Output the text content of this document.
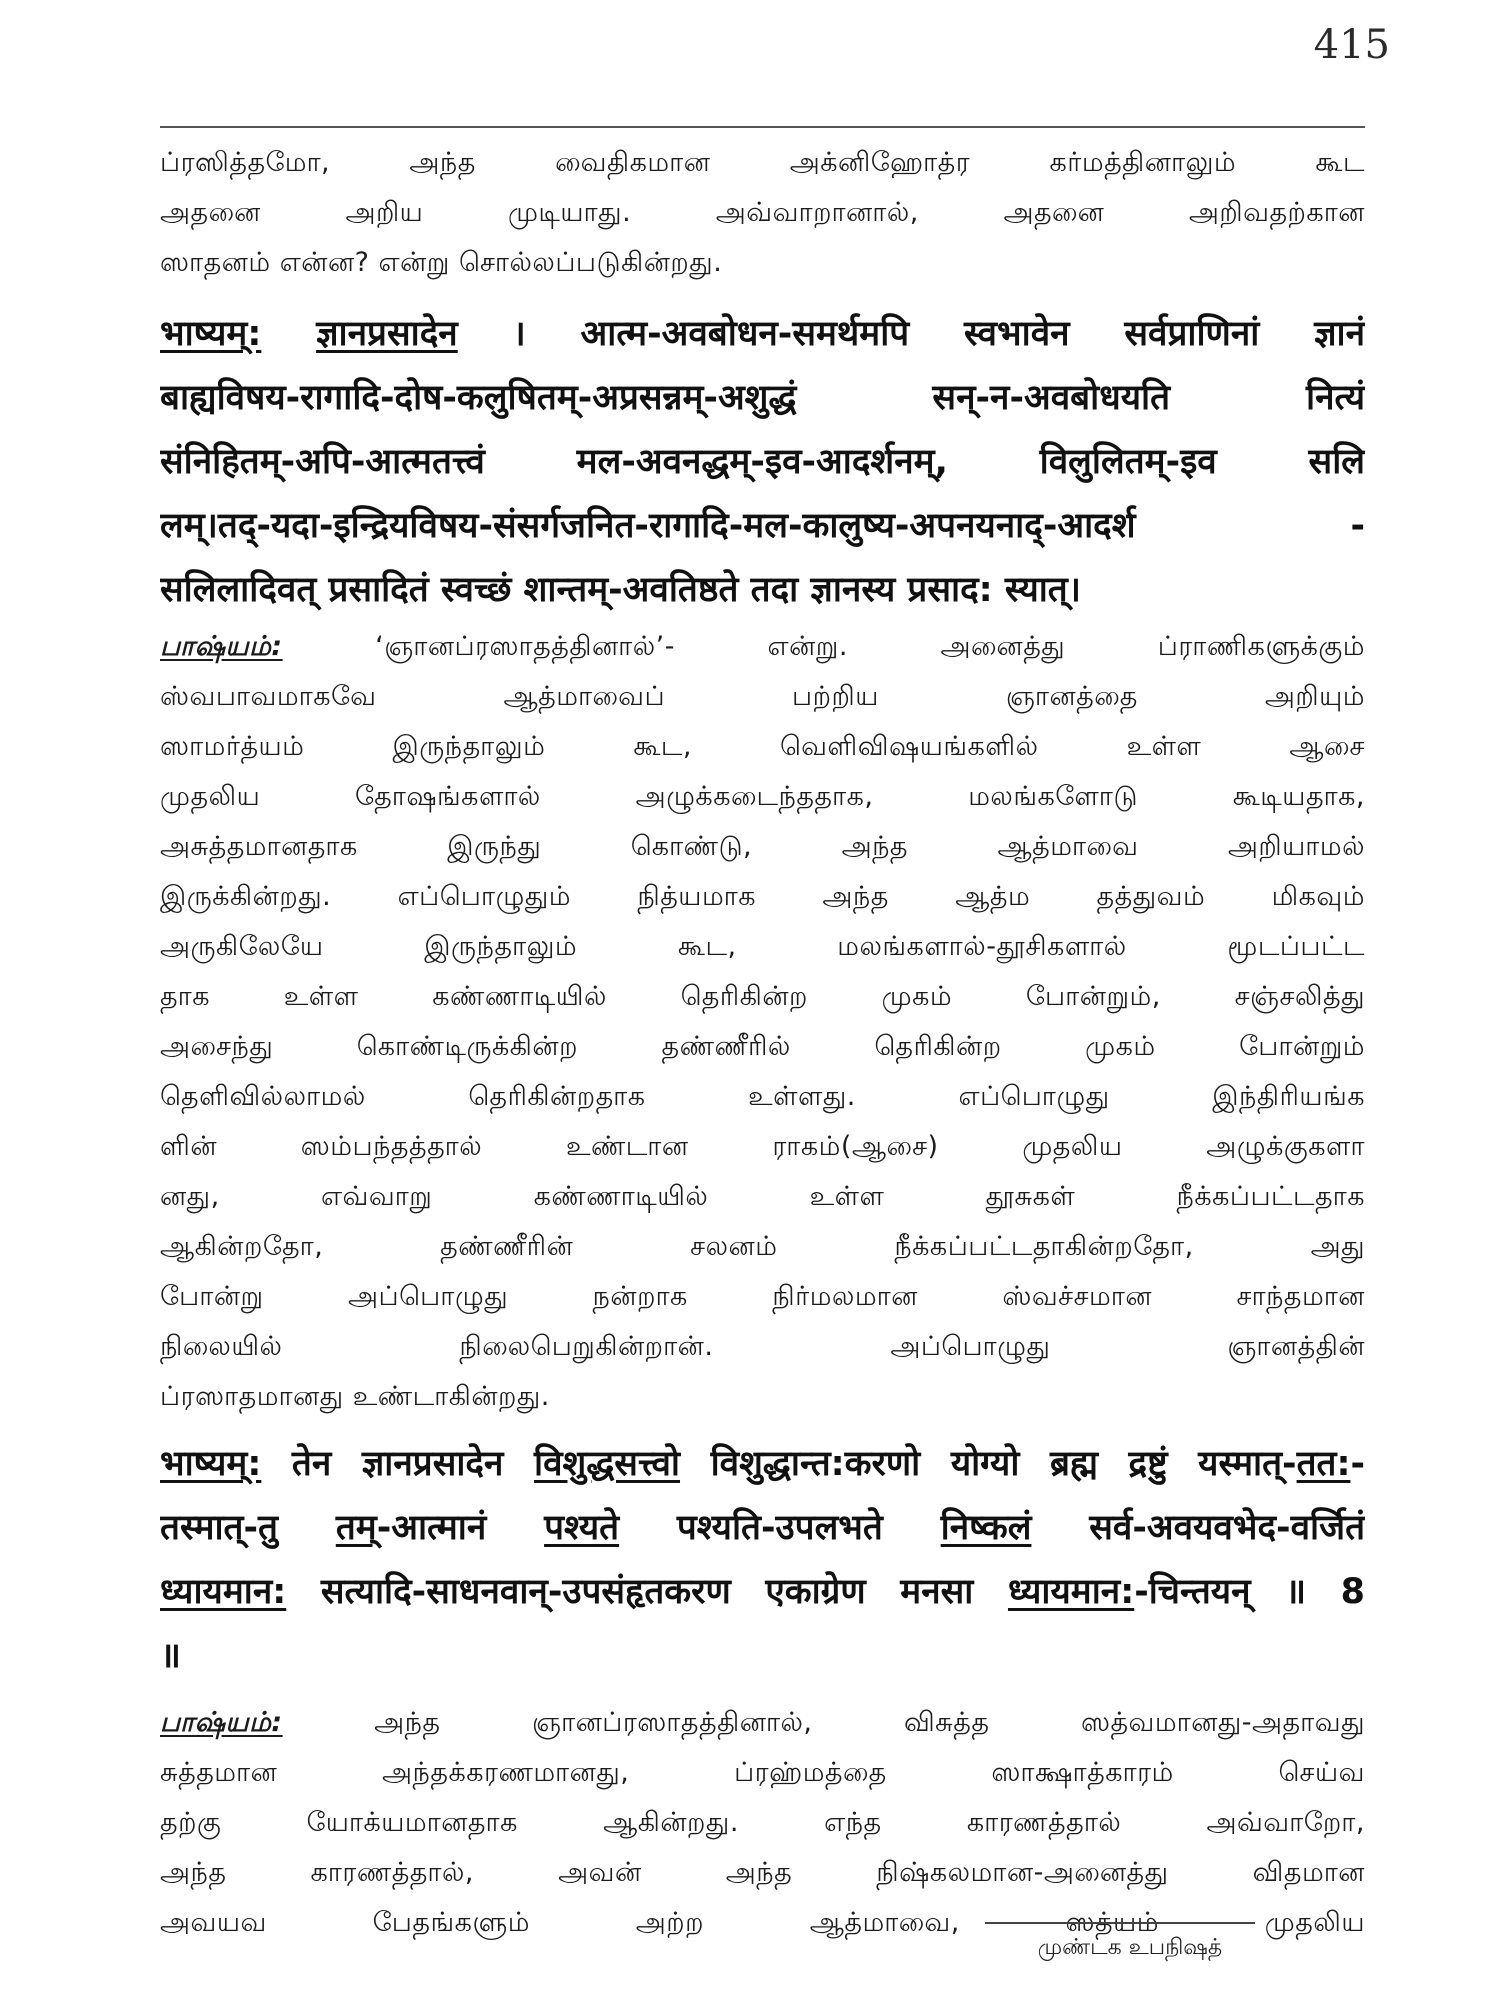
415
ப்ரஸித்தமோ, அந்த வைதிகமான அக்னிஹோத்ர கர்மத்தினாலும் கூட
அதனை அறிய முடியாது. அவ்வாறானால், அதனை அறிவதற்கான
ஸாதனம் என்ன? என்று சொல்லப்படுகின்றது.
भाष्यम्: ज्ञानप्रसादेन । आत्म-अवबोधन-समर्थमपि स्वभावेन सर्वप्राणिनां ज्ञानं
बाह्यविषय-रागादि-दोष-कलुषितम्-अप्रसन्नम्-अशुद्धं सन्-न-अवबोधयति नित्यं
संनिहितम्-अपि-आत्मतत्त्वं मल-अवनद्धम्-इव-आदर्शनम्, विलुलितम्-इव सलि
लम्।तद्-यदा-इन्द्रियविषय-संसर्गजनित-रागादि-मल-कालुष्य-अपनयनाद्-आदर्श -
सलिलादिवत् प्रसादितं स्वच्छं शान्तम्-अवतिष्ठते तदा ज्ञानस्य प्रसाद: स्यात्।
பாஷ்யம்:	‘ஞானப்ரஸாதத்தினால்’- என்று. அனைத்து ப்ராணிகளுக்கும்
ஸ்வபாவமாகவே ஆத்மாவைப் பற்றிய ஞானத்தை அறியும்
ஸாமர்த்யம் இருந்தாலும் கூட, வெளிவிஷயங்களில் உள்ள ஆசை
முதலிய தோஷங்களால் அழுக்கடைந்ததாக, மலங்களோடு கூடியதாக,
அசுத்தமானதாக இருந்து கொண்டு, அந்த ஆத்மாவை அறியாமல்
இருக்கின்றது. எப்பொழுதும் நித்யமாக அந்த ஆத்ம தத்துவம் மிகவும்
அருகிலேயே இருந்தாலும் கூட, மலங்களால்-தூசிகளால் மூடப்பட்ட
தாக உள்ள கண்ணாடியில் தெரிகின்ற முகம் போன்றும், சஞ்சலித்து
அசைந்து கொண்டிருக்கின்ற தண்ணீரில் தெரிகின்ற முகம் போன்றும்
தெளிவில்லாமல் தெரிகின்றதாக உள்ளது. எப்பொழுது இந்திரியங்க
ளின் ஸம்பந்தத்தால் உண்டான ராகம்(ஆசை) முதலிய அழுக்குகளா
னது, எவ்வாறு கண்ணாடியில் உள்ள தூசுகள் நீக்கப்பட்டதாக
ஆகின்றதோ, தண்ணீரின் சலனம் நீக்கப்பட்டதாகின்றதோ, அது
போன்று அப்பொழுது நன்றாக நிர்மலமான ஸ்வச்சமான சாந்தமான
நிலையில் நிலைபெறுகின்றான். அப்பொழுது ஞானத்தின்
ப்ரஸாதமானது உண்டாகின்றது.
भाष्यम्: तेन ज्ञानप्रसादेन विशुद्धसत्त्वो विशुद्धान्त:करणो योग्यो ब्रह्म द्रष्टुं यस्मात्-तत:-
तस्मात्-तु तम्-आत्मानं पश्यते पश्यति-उपलभते निष्कलं सर्व-अवयवभेद-वर्जितं
ध्यायमान: सत्यादि-साधनवान्-उपसंहृतकरण एकाग्रेण मनसा ध्यायमान:-चिन्तयन् ॥ 8
॥
பாஷ்யம்:	அந்த ஞானப்ரஸாதத்தினால், விசுத்த ஸத்வமானது-அதாவது
சுத்தமான அந்தக்கரணமானது, ப்ரஹ்மத்தை ஸாக்ஷாத்காரம் செய்வ
தற்கு யோக்யமானதாக ஆகின்றது. எந்த காரணத்தால் அவ்வாறோ,
அந்த காரணத்தால், அவன் அந்த நிஷ்கலமான-அனைத்து விதமான
அவயவ பேதங்களும் அற்ற ஆத்மாவை, ஸத்யம் முதலிய
முண்டக உபநிஷத்
